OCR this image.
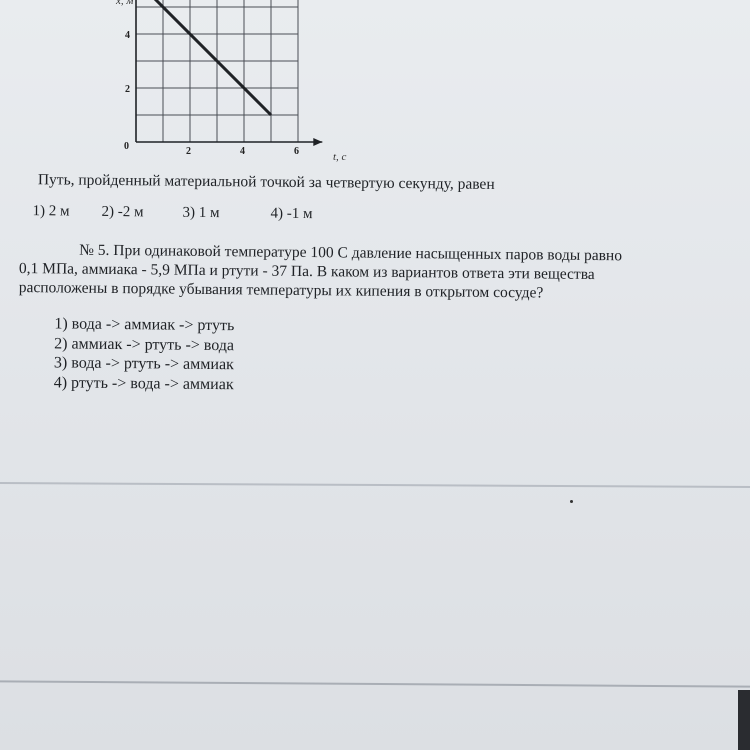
0	2	4	6
2
4
t, с
x, м
Путь, пройденный материальной точкой за четвертую секунду, равен
1) 2 м 2) -2 м	3) 1 м	4) -1 м
№ 5. При одинаковой температуре 100 С давление насыщенных паров воды равно
0,1 МПа, аммиака - 5,9 МПа и ртути - 37 Па. В каком из вариантов ответа эти вещества
расположены в порядке убывания температуры их кипения в открытом сосуде?
1) вода -> аммиак -> ртуть
2) аммиак -> ртуть -> вода
3) вода -> ртуть -> аммиак
4) ртуть -> вода -> аммиак
